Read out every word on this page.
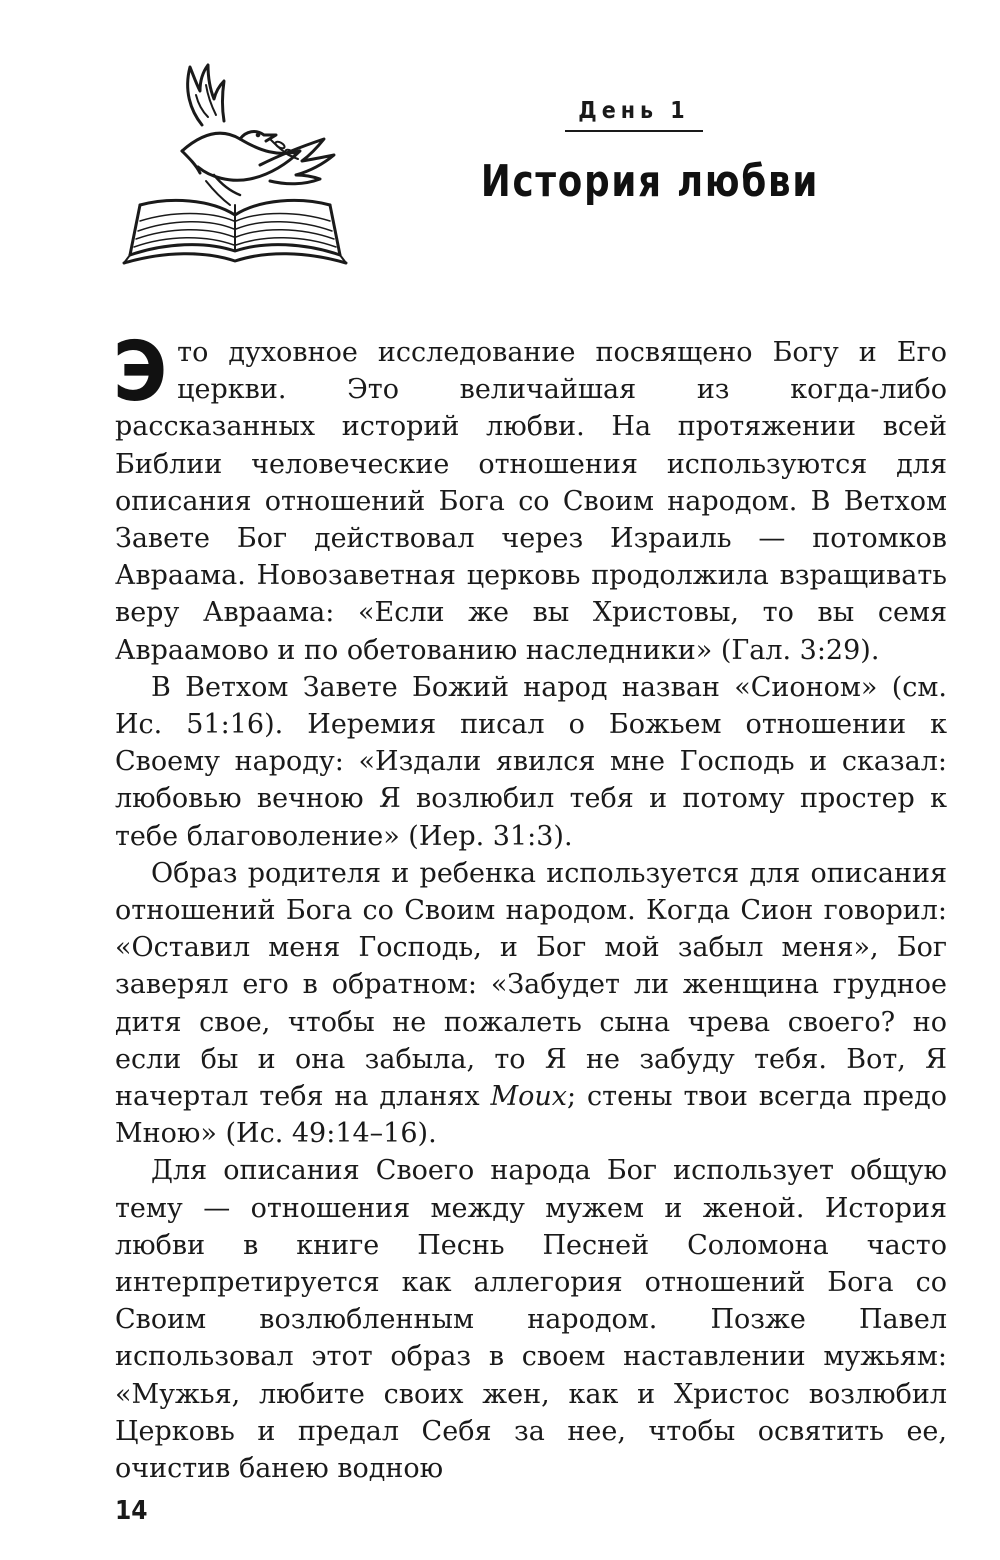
День 1
История любви

Это духовное исследование посвящено Богу и Его церкви. Это величайшая из когда-либо рассказанных историй любви. На протяжении всей Библии человеческие отношения используются для описания отношений Бога со Своим народом. В Ветхом Завете Бог действовал через Израиль — потомков Авраама. Новозаветная церковь продолжила взращивать веру Авраама: «Если же вы Христовы, то вы семя Авраамово и по обетованию наследники» (Гал. 3:29).

В Ветхом Завете Божий народ назван «Сионом» (см. Ис. 51:16). Иеремия писал о Божьем отношении к Своему народу: «Издали явился мне Господь и сказал: любовью вечною Я возлюбил тебя и потому простер к тебе благоволение» (Иер. 31:3).

Образ родителя и ребенка используется для описания отношений Бога со Своим народом. Когда Сион говорил: «Оставил меня Господь, и Бог мой забыл меня», Бог заверял его в обратном: «Забудет ли женщина грудное дитя свое, чтобы не пожалеть сына чрева своего? но если бы и она забыла, то Я не забуду тебя. Вот, Я начертал тебя на дланях Моих; стены твои всегда предо Мною» (Ис. 49:14–16).

Для описания Своего народа Бог использует общую тему — отношения между мужем и женой. История любви в книге Песнь Песней Соломона часто интерпретируется как аллегория отношений Бога со Своим возлюбленным народом. Позже Павел использовал этот образ в своем наставлении мужьям: «Мужья, любите своих жен, как и Христос возлюбил Церковь и предал Себя за нее, чтобы освятить ее, очистив банею водною

14
